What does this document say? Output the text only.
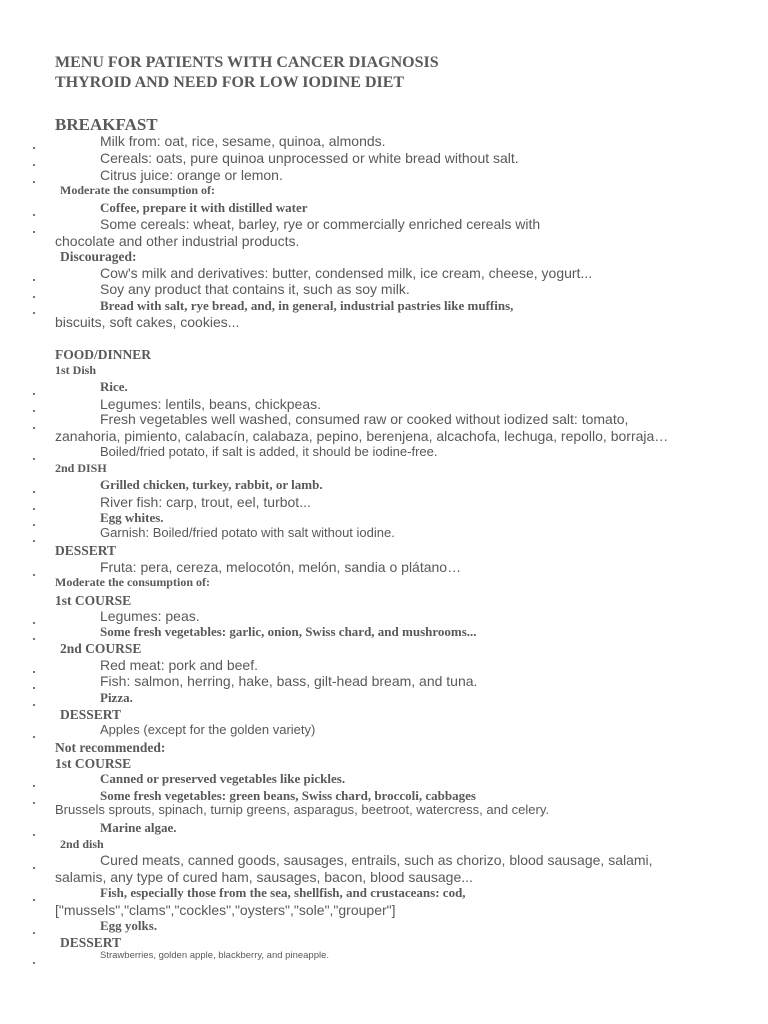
MENU FOR PATIENTS WITH CANCER DIAGNOSIS
THYROID AND NEED FOR LOW IODINE DIET
BREAKFAST
Milk from: oat, rice, sesame, quinoa, almonds.
Cereals: oats, pure quinoa unprocessed or white bread without salt.
Citrus juice: orange or lemon.
Moderate the consumption of:
Coffee, prepare it with distilled water
Some cereals: wheat, barley, rye or commercially enriched cereals with
chocolate and other industrial products.
Discouraged:
Cow's milk and derivatives: butter, condensed milk, ice cream, cheese, yogurt...
Soy any product that contains it, such as soy milk.
Bread with salt, rye bread, and, in general, industrial pastries like muffins,
biscuits, soft cakes, cookies...
FOOD/DINNER
1st Dish
Rice.
Legumes: lentils, beans, chickpeas.
Fresh vegetables well washed, consumed raw or cooked without iodized salt: tomato,
zanahoria, pimiento, calabacín, calabaza, pepino, berenjena, alcachofa, lechuga, repollo, borraja…
Boiled/fried potato, if salt is added, it should be iodine-free.
2nd DISH
Grilled chicken, turkey, rabbit, or lamb.
River fish: carp, trout, eel, turbot...
Egg whites.
Garnish: Boiled/fried potato with salt without iodine.
DESSERT
Fruta: pera, cereza, melocotón, melón, sandia o plátano…
Moderate the consumption of:
1st COURSE
Legumes: peas.
Some fresh vegetables: garlic, onion, Swiss chard, and mushrooms...
2nd COURSE
Red meat: pork and beef.
Fish: salmon, herring, hake, bass, gilt-head bream, and tuna.
Pizza.
DESSERT
Apples (except for the golden variety)
Not recommended:
1st COURSE
Canned or preserved vegetables like pickles.
Some fresh vegetables: green beans, Swiss chard, broccoli, cabbages
Brussels sprouts, spinach, turnip greens, asparagus, beetroot, watercress, and celery.
Marine algae.
2nd dish
Cured meats, canned goods, sausages, entrails, such as chorizo, blood sausage, salami,
salamis, any type of cured ham, sausages, bacon, blood sausage...
Fish, especially those from the sea, shellfish, and crustaceans: cod,
["mussels","clams","cockles","oysters","sole","grouper"]
Egg yolks.
DESSERT
Strawberries, golden apple, blackberry, and pineapple.
